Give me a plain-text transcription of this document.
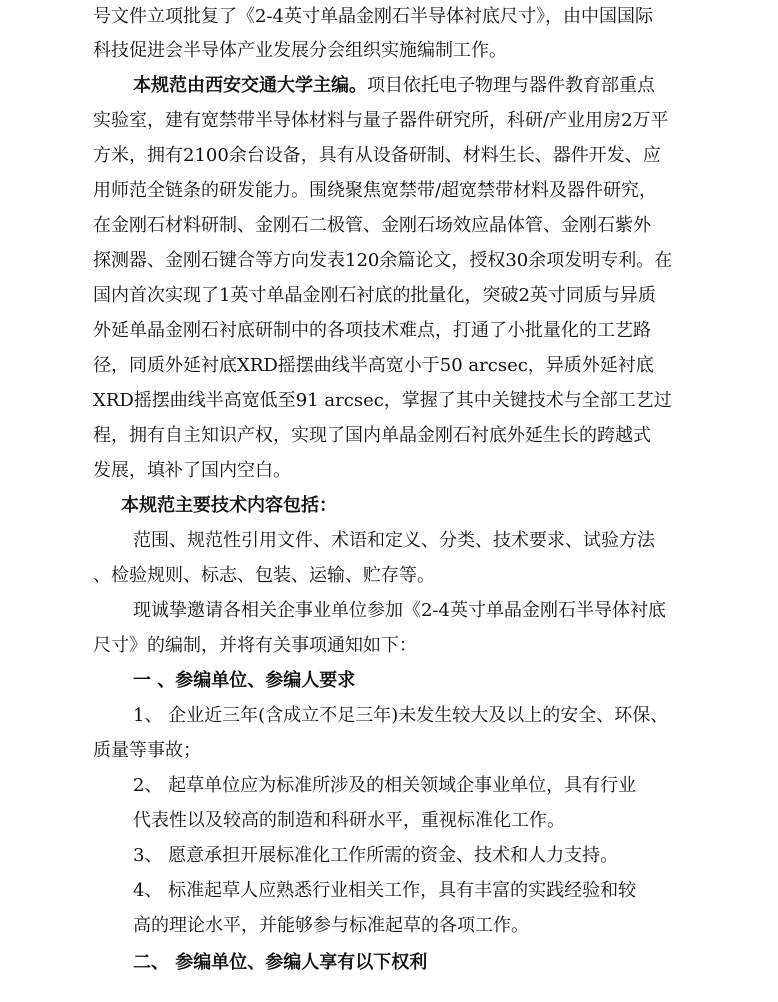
号文件立项批复了《2-4英寸单晶金刚石半导体衬底尺寸》，由中国国际
科技促进会半导体产业发展分会组织实施编制工作。
本规范由西安交通大学主编。项目依托电子物理与器件教育部重点
实验室，建有宽禁带半导体材料与量子器件研究所，科研/产业用房2万平
方米，拥有2100余台设备，具有从设备研制、材料生长、器件开发、应
用师范全链条的研发能力。围绕聚焦宽禁带/超宽禁带材料及器件研究，
在金刚石材料研制、金刚石二极管、金刚石场效应晶体管、金刚石紫外
探测器、金刚石键合等方向发表120余篇论文，授权30余项发明专利。在
国内首次实现了1英寸单晶金刚石衬底的批量化，突破2英寸同质与异质
外延单晶金刚石衬底研制中的各项技术难点，打通了小批量化的工艺路
径，同质外延衬底XRD摇摆曲线半高宽小于50 arcsec，异质外延衬底
XRD摇摆曲线半高宽低至91 arcsec，掌握了其中关键技术与全部工艺过
程，拥有自主知识产权，实现了国内单晶金刚石衬底外延生长的跨越式
发展，填补了国内空白。
本规范主要技术内容包括：
范围、规范性引用文件、术语和定义、分类、技术要求、试验方法
、检验规则、标志、包装、运输、贮存等。
现诚挚邀请各相关企事业单位参加《2-4英寸单晶金刚石半导体衬底
尺寸》的编制，并将有关事项通知如下：
一 、参编单位、参编人要求
1、 企业近三年(含成立不足三年)未发生较大及以上的安全、环保、
质量等事故；
2、 起草单位应为标准所涉及的相关领域企事业单位，具有行业
代表性以及较高的制造和科研水平，重视标准化工作。
3、 愿意承担开展标准化工作所需的资金、技术和人力支持。
4、 标准起草人应熟悉行业相关工作，具有丰富的实践经验和较
高的理论水平，并能够参与标准起草的各项工作。
二、 参编单位、参编人享有以下权利
